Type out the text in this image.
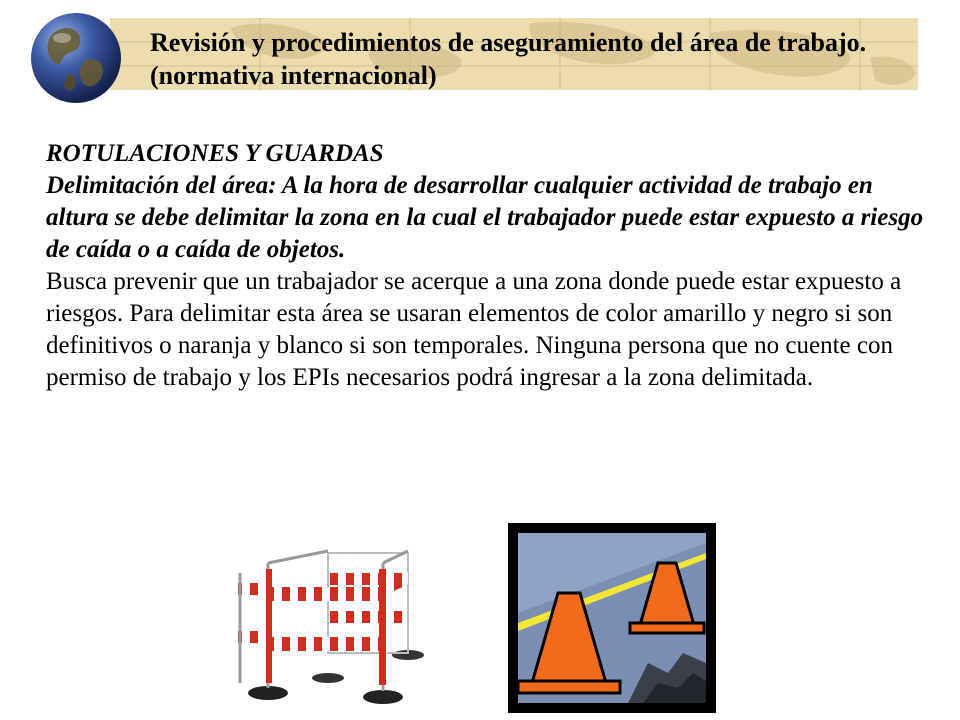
Revisión y procedimientos de aseguramiento del área de trabajo. (normativa internacional)

ROTULACIONES Y GUARDAS

Delimitación del área: A la hora de desarrollar cualquier actividad de trabajo en altura se debe delimitar la zona en la cual el trabajador puede estar expuesto a riesgo de caída o a caída de objetos.

Busca prevenir que un trabajador se acerque a una zona donde puede estar expuesto a riesgos. Para delimitar esta área se usaran elementos de color amarillo y negro si son definitivos o naranja y blanco si son temporales. Ninguna persona que no cuente con permiso de trabajo y los EPIs necesarios podrá ingresar a la zona delimitada.
